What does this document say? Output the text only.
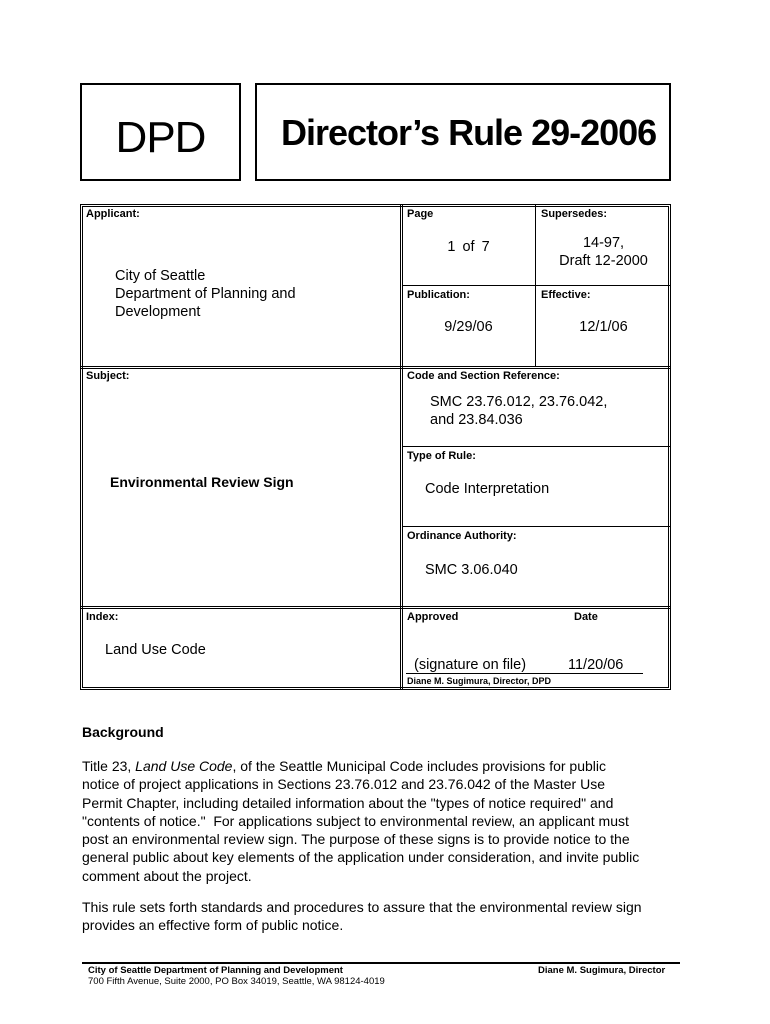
DPD	Director’s Rule 29-2006
Applicant:
City of Seattle
Department of Planning and
Development
Page
1 of 7
Supersedes:
14-97,
Draft 12-2000
Publication:
9/29/06
Effective:
12/1/06
Subject:
Environmental Review Sign
Code and Section Reference:
SMC 23.76.012, 23.76.042,
and 23.84.036
Type of Rule:
Code Interpretation
Ordinance Authority:
SMC 3.06.040
Index:
Land Use Code
Approved	Date
(signature on file)	11/20/06
Diane M. Sugimura, Director, DPD
Background
Title 23, Land Use Code, of the Seattle Municipal Code includes provisions for public
notice of project applications in Sections 23.76.012 and 23.76.042 of the Master Use
Permit Chapter, including detailed information about the "types of notice required" and
"contents of notice."  For applications subject to environmental review, an applicant must
post an environmental review sign. The purpose of these signs is to provide notice to the
general public about key elements of the application under consideration, and invite public
comment about the project.
This rule sets forth standards and procedures to assure that the environmental review sign
provides an effective form of public notice.
City of Seattle Department of Planning and Development
700 Fifth Avenue, Suite 2000, PO Box 34019, Seattle, WA 98124-4019
Diane M. Sugimura, Director
